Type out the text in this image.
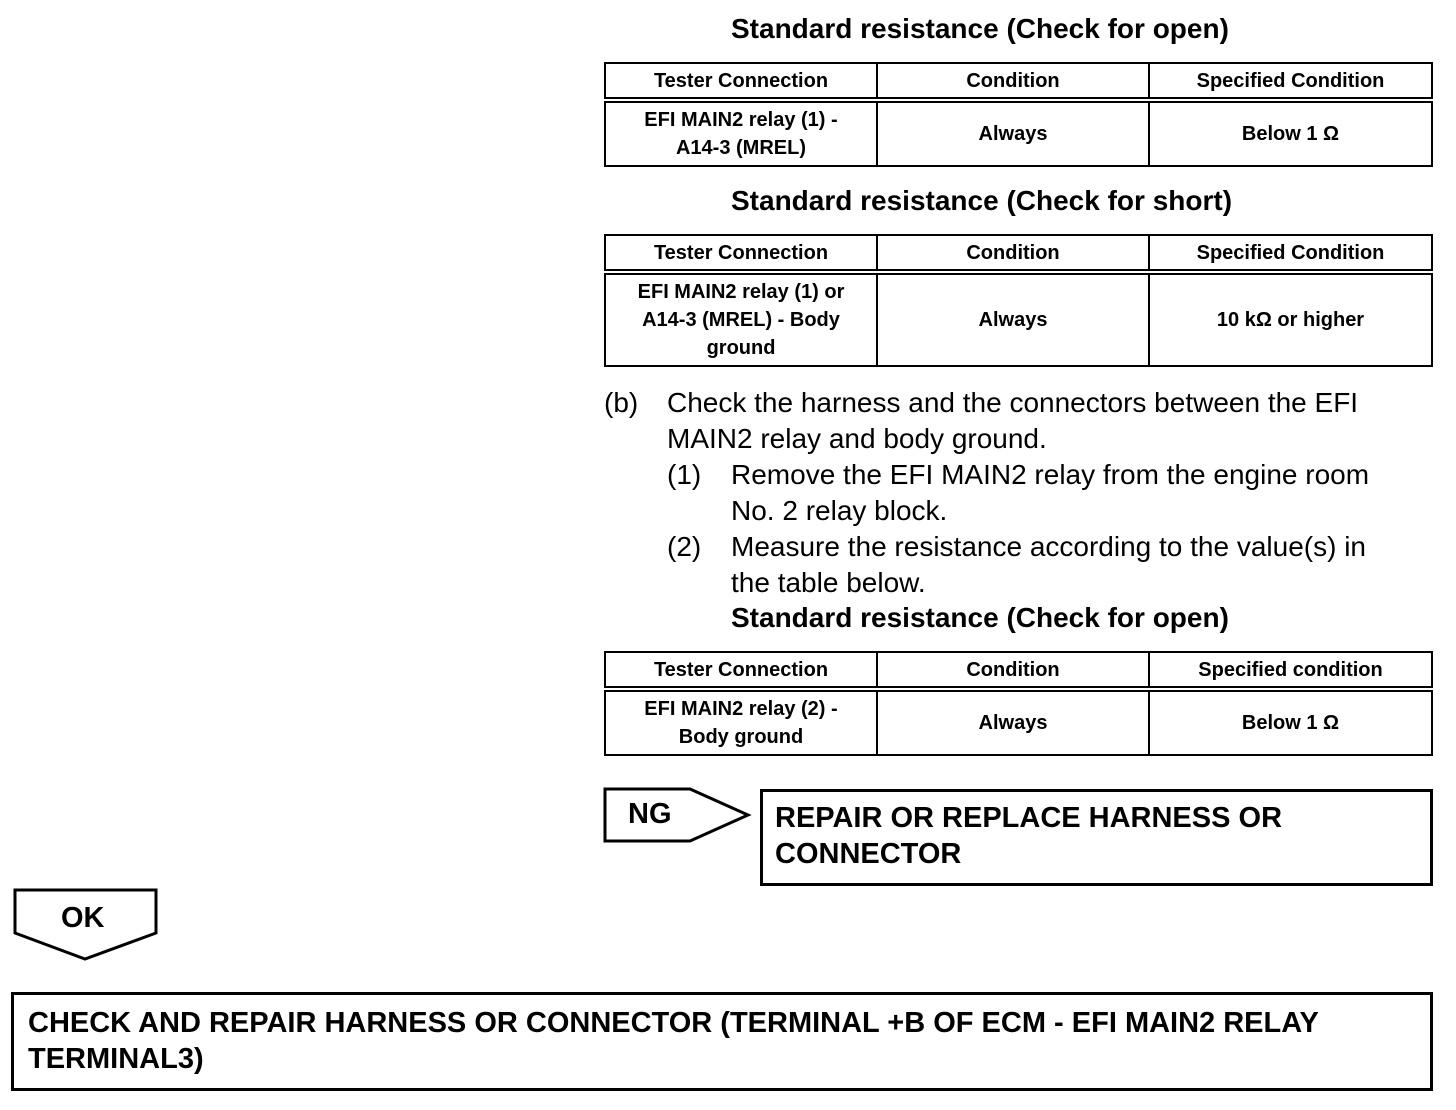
Standard resistance (Check for open)
Tester Connection	Condition	Specified Condition

EFI MAIN2 relay (1) -
A14-3 (MREL)	Always	Below 1 Ω
Standard resistance (Check for short)
Tester Connection	Condition	Specified Condition

EFI MAIN2 relay (1) or
A14-3 (MREL) - Body
ground	Always	10 kΩ or higher
(b) Check the harness and the connectors between the EFI
MAIN2 relay and body ground.
(1) Remove the EFI MAIN2 relay from the engine room
No. 2 relay block.
(2) Measure the resistance according to the value(s) in
the table below.
Standard resistance (Check for open)
Tester Connection	Condition	Specified condition

EFI MAIN2 relay (2) -
Body ground	Always	Below 1 Ω
NG	REPAIR OR REPLACE HARNESS OR
CONNECTOR
OK
CHECK AND REPAIR HARNESS OR CONNECTOR (TERMINAL +B OF ECM - EFI MAIN2 RELAY
TERMINAL3)
